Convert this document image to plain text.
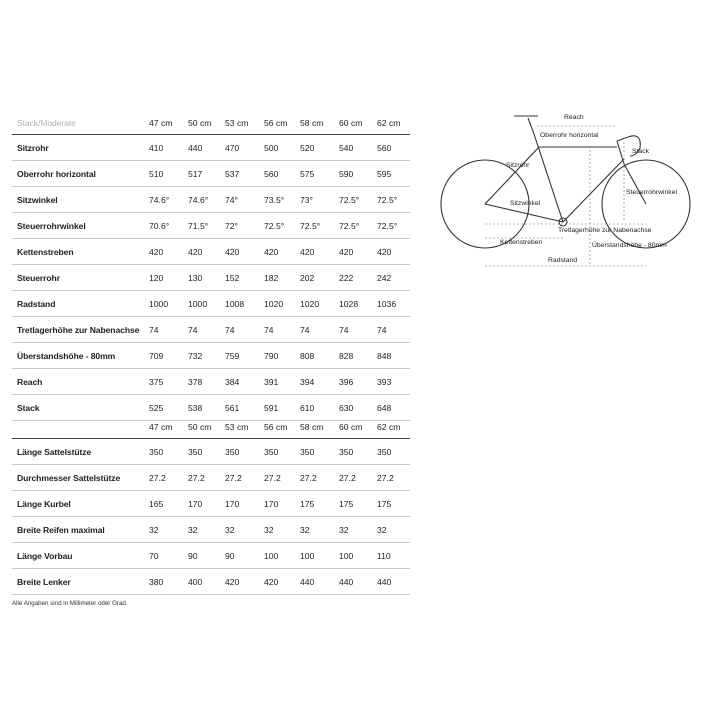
Stack/Moderate	47 cm 50 cm 53 cm 56 cm 58 cm 60 cm 62 cm
Sitzrohr	410	440	470	500	520	540	560
Oberrohr horizontal	510	517	537	560	575	590	595
Sitzwinkel	74.6° 74.6° 74°	73.5° 73°	72.5° 72.5°
Steuerrohrwinkel	70.6° 71.5° 72°	72.5° 72.5° 72.5° 72.5°
Kettenstreben	420	420	420	420	420	420	420
Steuerrohr	120	130	152	182	202	222	242
Radstand	1000 1000 1008 1020 1020 1028 1036
Tretlagerhöhe zur Nabenachse 74	74	74	74	74	74	74
Überstandshöhe - 80mm	709	732	759	790	808	828	848
Reach	375	378	384	391	394	396	393
Stack	525	538	561	591	610	630	648
47 cm 50 cm 53 cm 56 cm 58 cm 60 cm 62 cm
Länge Sattelstütze	350	350	350	350	350	350	350
Durchmesser Sattelstütze	27.2	27.2 27.2	27.2 27.2	27.2 27.2
Länge Kurbel	165	170	170	170	175	175	175
Breite Reifen maximal	32	32	32	32	32	32	32
Länge Vorbau	70	90	90	100	100	100	110
Breite Lenker	380	400	420	420	440	440	440
Alle Angaben sind in Millimeter oder Grad.
Reach
Oberrohr horizontal
Sitzrohr
Stack
Steuerrohrwinkel
Sitzwinkel
Kettenstreben
Tretlagerhöhe zur Nabenachse
Überstandshöhe - 80mm
Radstand
